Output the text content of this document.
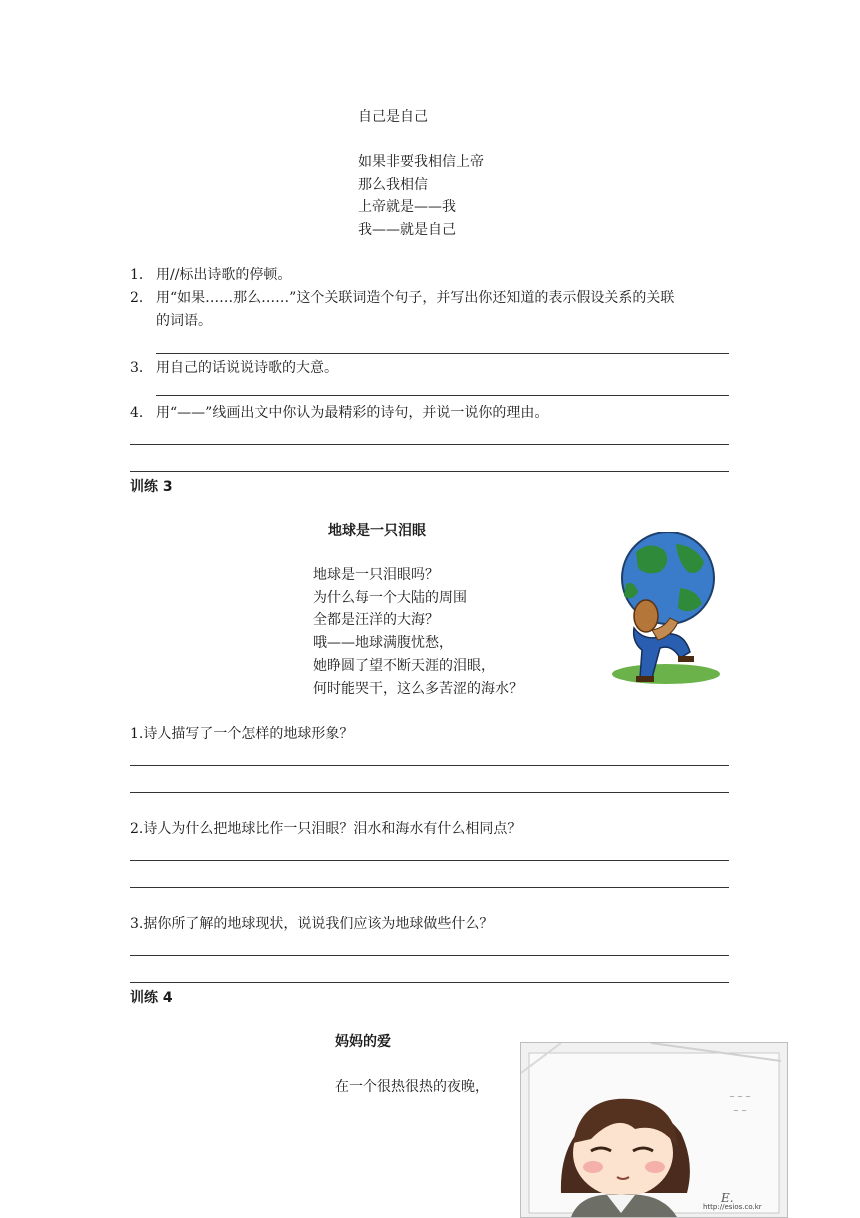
自己是自己
如果非要我相信上帝
那么我相信
上帝就是——我
我——就是自己
1． 用//标出诗歌的停顿。
2． 用“如果……那么……”这个关联词造个句子，并写出你还知道的表示假设关系的关联
的词语。
3． 用自己的话说说诗歌的大意。
4． 用“——”线画出文中你认为最精彩的诗句，并说一说你的理由。
训练 3
地球是一只泪眼
地球是一只泪眼吗？
为什么每一个大陆的周围
全都是汪洋的大海？
哦——地球满腹忧愁，
她睁圆了望不断天涯的泪眼，
何时能哭干，这么多苦涩的海水？
1.诗人描写了一个怎样的地球形象？
2.诗人为什么把地球比作一只泪眼？泪水和海水有什么相同点？
3.据你所了解的地球现状，说说我们应该为地球做些什么？
训练 4
妈妈的爱
在一个很热很热的夜晚，
~ ~ ~
~ ~
E.
http://esios.co.kr
